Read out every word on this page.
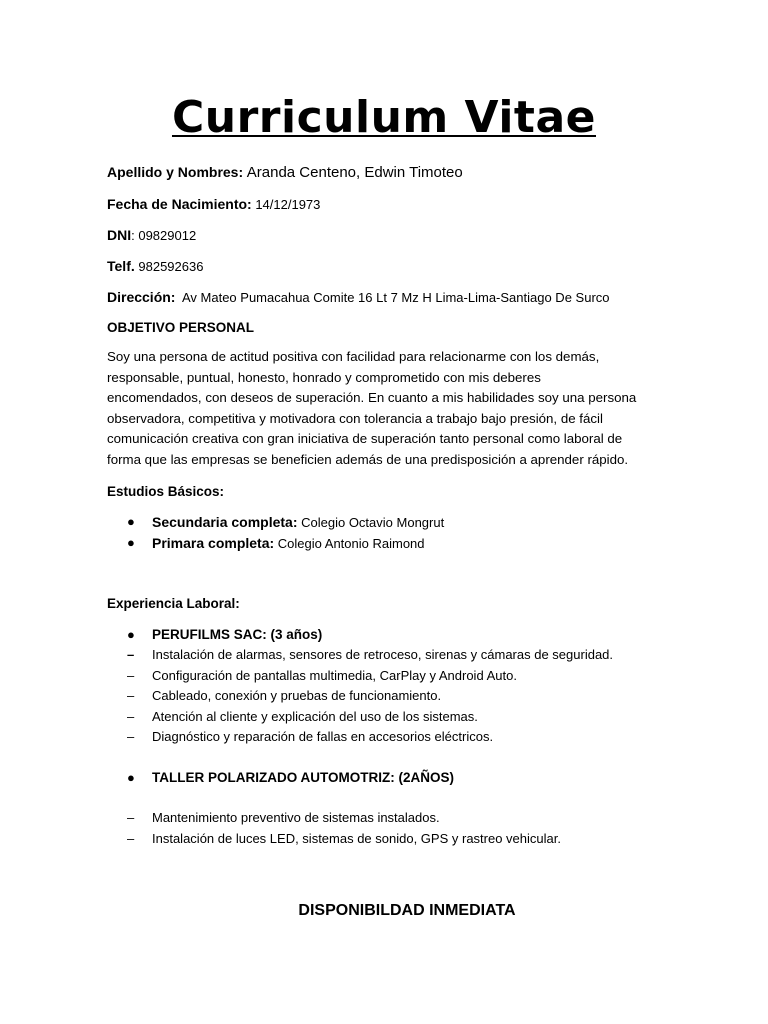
Curriculum Vitae
Apellido y Nombres: Aranda Centeno, Edwin Timoteo
Fecha de Nacimiento: 14/12/1973
DNI: 09829012
Telf. 982592636
Dirección: Av Mateo Pumacahua Comite 16 Lt 7 Mz H Lima-Lima-Santiago De Surco
OBJETIVO PERSONAL
Soy una persona de actitud positiva con facilidad para relacionarme con los demás,
responsable, puntual, honesto, honrado y comprometido con mis deberes
encomendados, con deseos de superación. En cuanto a mis habilidades soy una persona
observadora, competitiva y motivadora con tolerancia a trabajo bajo presión, de fácil
comunicación creativa con gran iniciativa de superación tanto personal como laboral de
forma que las empresas se beneficien además de una predisposición a aprender rápido.
Estudios Básicos:
● Secundaria completa: Colegio Octavio Mongrut
● Primara completa: Colegio Antonio Raimond
Experiencia Laboral:
● PERUFILMS SAC: (3 años)
– Instalación de alarmas, sensores de retroceso, sirenas y cámaras de seguridad.
– Configuración de pantallas multimedia, CarPlay y Android Auto.
– Cableado, conexión y pruebas de funcionamiento.
– Atención al cliente y explicación del uso de los sistemas.
– Diagnóstico y reparación de fallas en accesorios eléctricos.
● TALLER POLARIZADO AUTOMOTRIZ: (2AÑOS)
– Mantenimiento preventivo de sistemas instalados.
– Instalación de luces LED, sistemas de sonido, GPS y rastreo vehicular.
DISPONIBILDAD INMEDIATA
